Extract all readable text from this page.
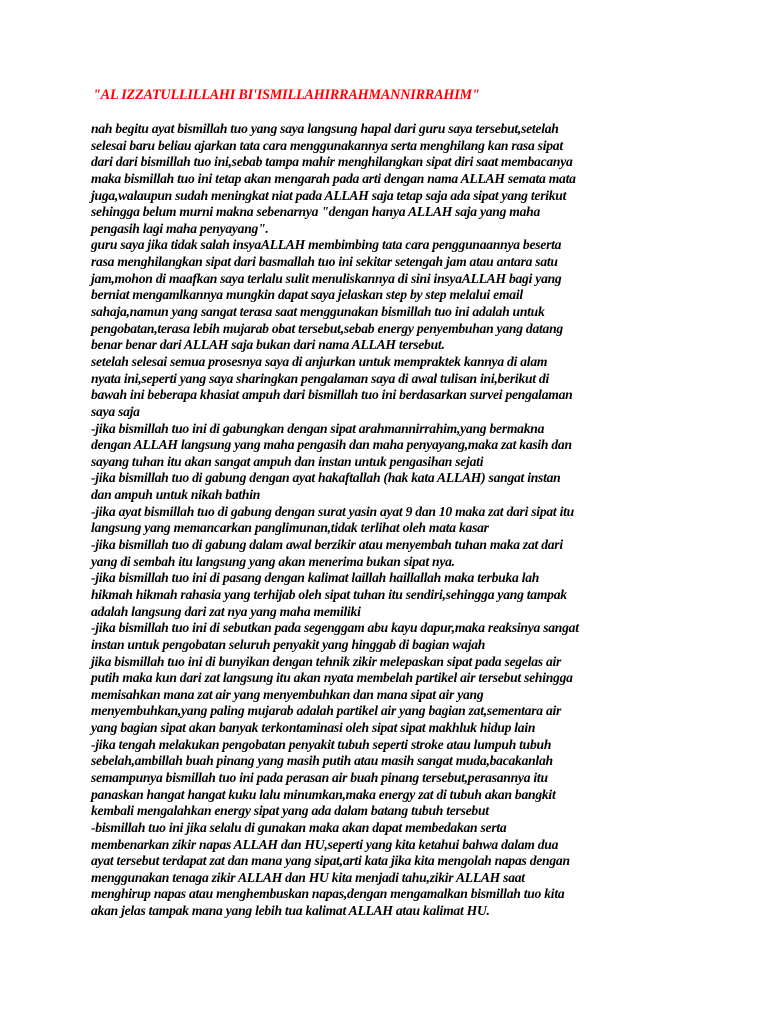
"AL IZZATULLILLAHI BI'ISMILLAHIRRAHMANNIRRAHIM"

nah begitu ayat bismillah tuo yang saya langsung hapal dari guru saya tersebut,setelah
selesai baru beliau ajarkan tata cara menggunakannya serta menghilang kan rasa sipat
dari dari bismillah tuo ini,sebab tampa mahir menghilangkan sipat diri saat membacanya
maka bismillah tuo ini tetap akan mengarah pada arti dengan nama ALLAH semata mata
juga,walaupun sudah meningkat niat pada ALLAH saja tetap saja ada sipat yang terikut
sehingga belum murni makna sebenarnya "dengan hanya ALLAH saja yang maha
pengasih lagi maha penyayang".
guru saya jika tidak salah insyaALLAH membimbing tata cara penggunaannya beserta
rasa menghilangkan sipat dari basmallah tuo ini sekitar setengah jam atau antara satu
jam,mohon di maafkan saya terlalu sulit menuliskannya di sini insyaALLAH bagi yang
berniat mengamlkannya mungkin dapat saya jelaskan step by step melalui email
sahaja,namun yang sangat terasa saat menggunakan bismillah tuo ini adalah untuk
pengobatan,terasa lebih mujarab obat tersebut,sebab energy penyembuhan yang datang
benar benar dari ALLAH saja bukan dari nama ALLAH tersebut.
setelah selesai semua prosesnya saya di anjurkan untuk mempraktek kannya di alam
nyata ini,seperti yang saya sharingkan pengalaman saya di awal tulisan ini,berikut di
bawah ini beberapa khasiat ampuh dari bismillah tuo ini berdasarkan survei pengalaman
saya saja
-jika bismillah tuo ini di gabungkan dengan sipat arahmannirrahim,yang bermakna
dengan ALLAH langsung yang maha pengasih dan maha penyayang,maka zat kasih dan
sayang tuhan itu akan sangat ampuh dan instan untuk pengasihan sejati
-jika bismillah tuo di gabung dengan ayat hakaftallah (hak kata ALLAH) sangat instan
dan ampuh untuk nikah bathin
-jika ayat bismillah tuo di gabung dengan surat yasin ayat 9 dan 10 maka zat dari sipat itu
langsung yang memancarkan panglimunan,tidak terlihat oleh mata kasar
-jika bismillah tuo di gabung dalam awal berzikir atau menyembah tuhan maka zat dari
yang di sembah itu langsung yang akan menerima bukan sipat nya.
-jika bismillah tuo ini di pasang dengan kalimat laillah haillallah maka terbuka lah
hikmah hikmah rahasia yang terhijab oleh sipat tuhan itu sendiri,sehingga yang tampak
adalah langsung dari zat nya yang maha memiliki
-jika bismillah tuo ini di sebutkan pada segenggam abu kayu dapur,maka reaksinya sangat
instan untuk pengobatan seluruh penyakit yang hinggab di bagian wajah
jika bismillah tuo ini di bunyikan dengan tehnik zikir melepaskan sipat pada segelas air
putih maka kun dari zat langsung itu akan nyata membelah partikel air tersebut sehingga
memisahkan mana zat air yang menyembuhkan dan mana sipat air yang
menyembuhkan,yang paling mujarab adalah partikel air yang bagian zat,sementara air
yang bagian sipat akan banyak terkontaminasi oleh sipat sipat makhluk hidup lain
-jika tengah melakukan pengobatan penyakit tubuh seperti stroke atau lumpuh tubuh
sebelah,ambillah buah pinang yang masih putih atau masih sangat muda,bacakanlah
semampunya bismillah tuo ini pada perasan air buah pinang tersebut,perasannya itu
panaskan hangat hangat kuku lalu minumkan,maka energy zat di tubuh akan bangkit
kembali mengalahkan energy sipat yang ada dalam batang tubuh tersebut
-bismillah tuo ini jika selalu di gunakan maka akan dapat membedakan serta
membenarkan zikir napas ALLAH dan HU,seperti yang kita ketahui bahwa dalam dua
ayat tersebut terdapat zat dan mana yang sipat,arti kata jika kita mengolah napas dengan
menggunakan tenaga zikir ALLAH dan HU kita menjadi tahu,zikir ALLAH saat
menghirup napas atau menghembuskan napas,dengan mengamalkan bismillah tuo kita
akan jelas tampak mana yang lebih tua kalimat ALLAH atau kalimat HU.
